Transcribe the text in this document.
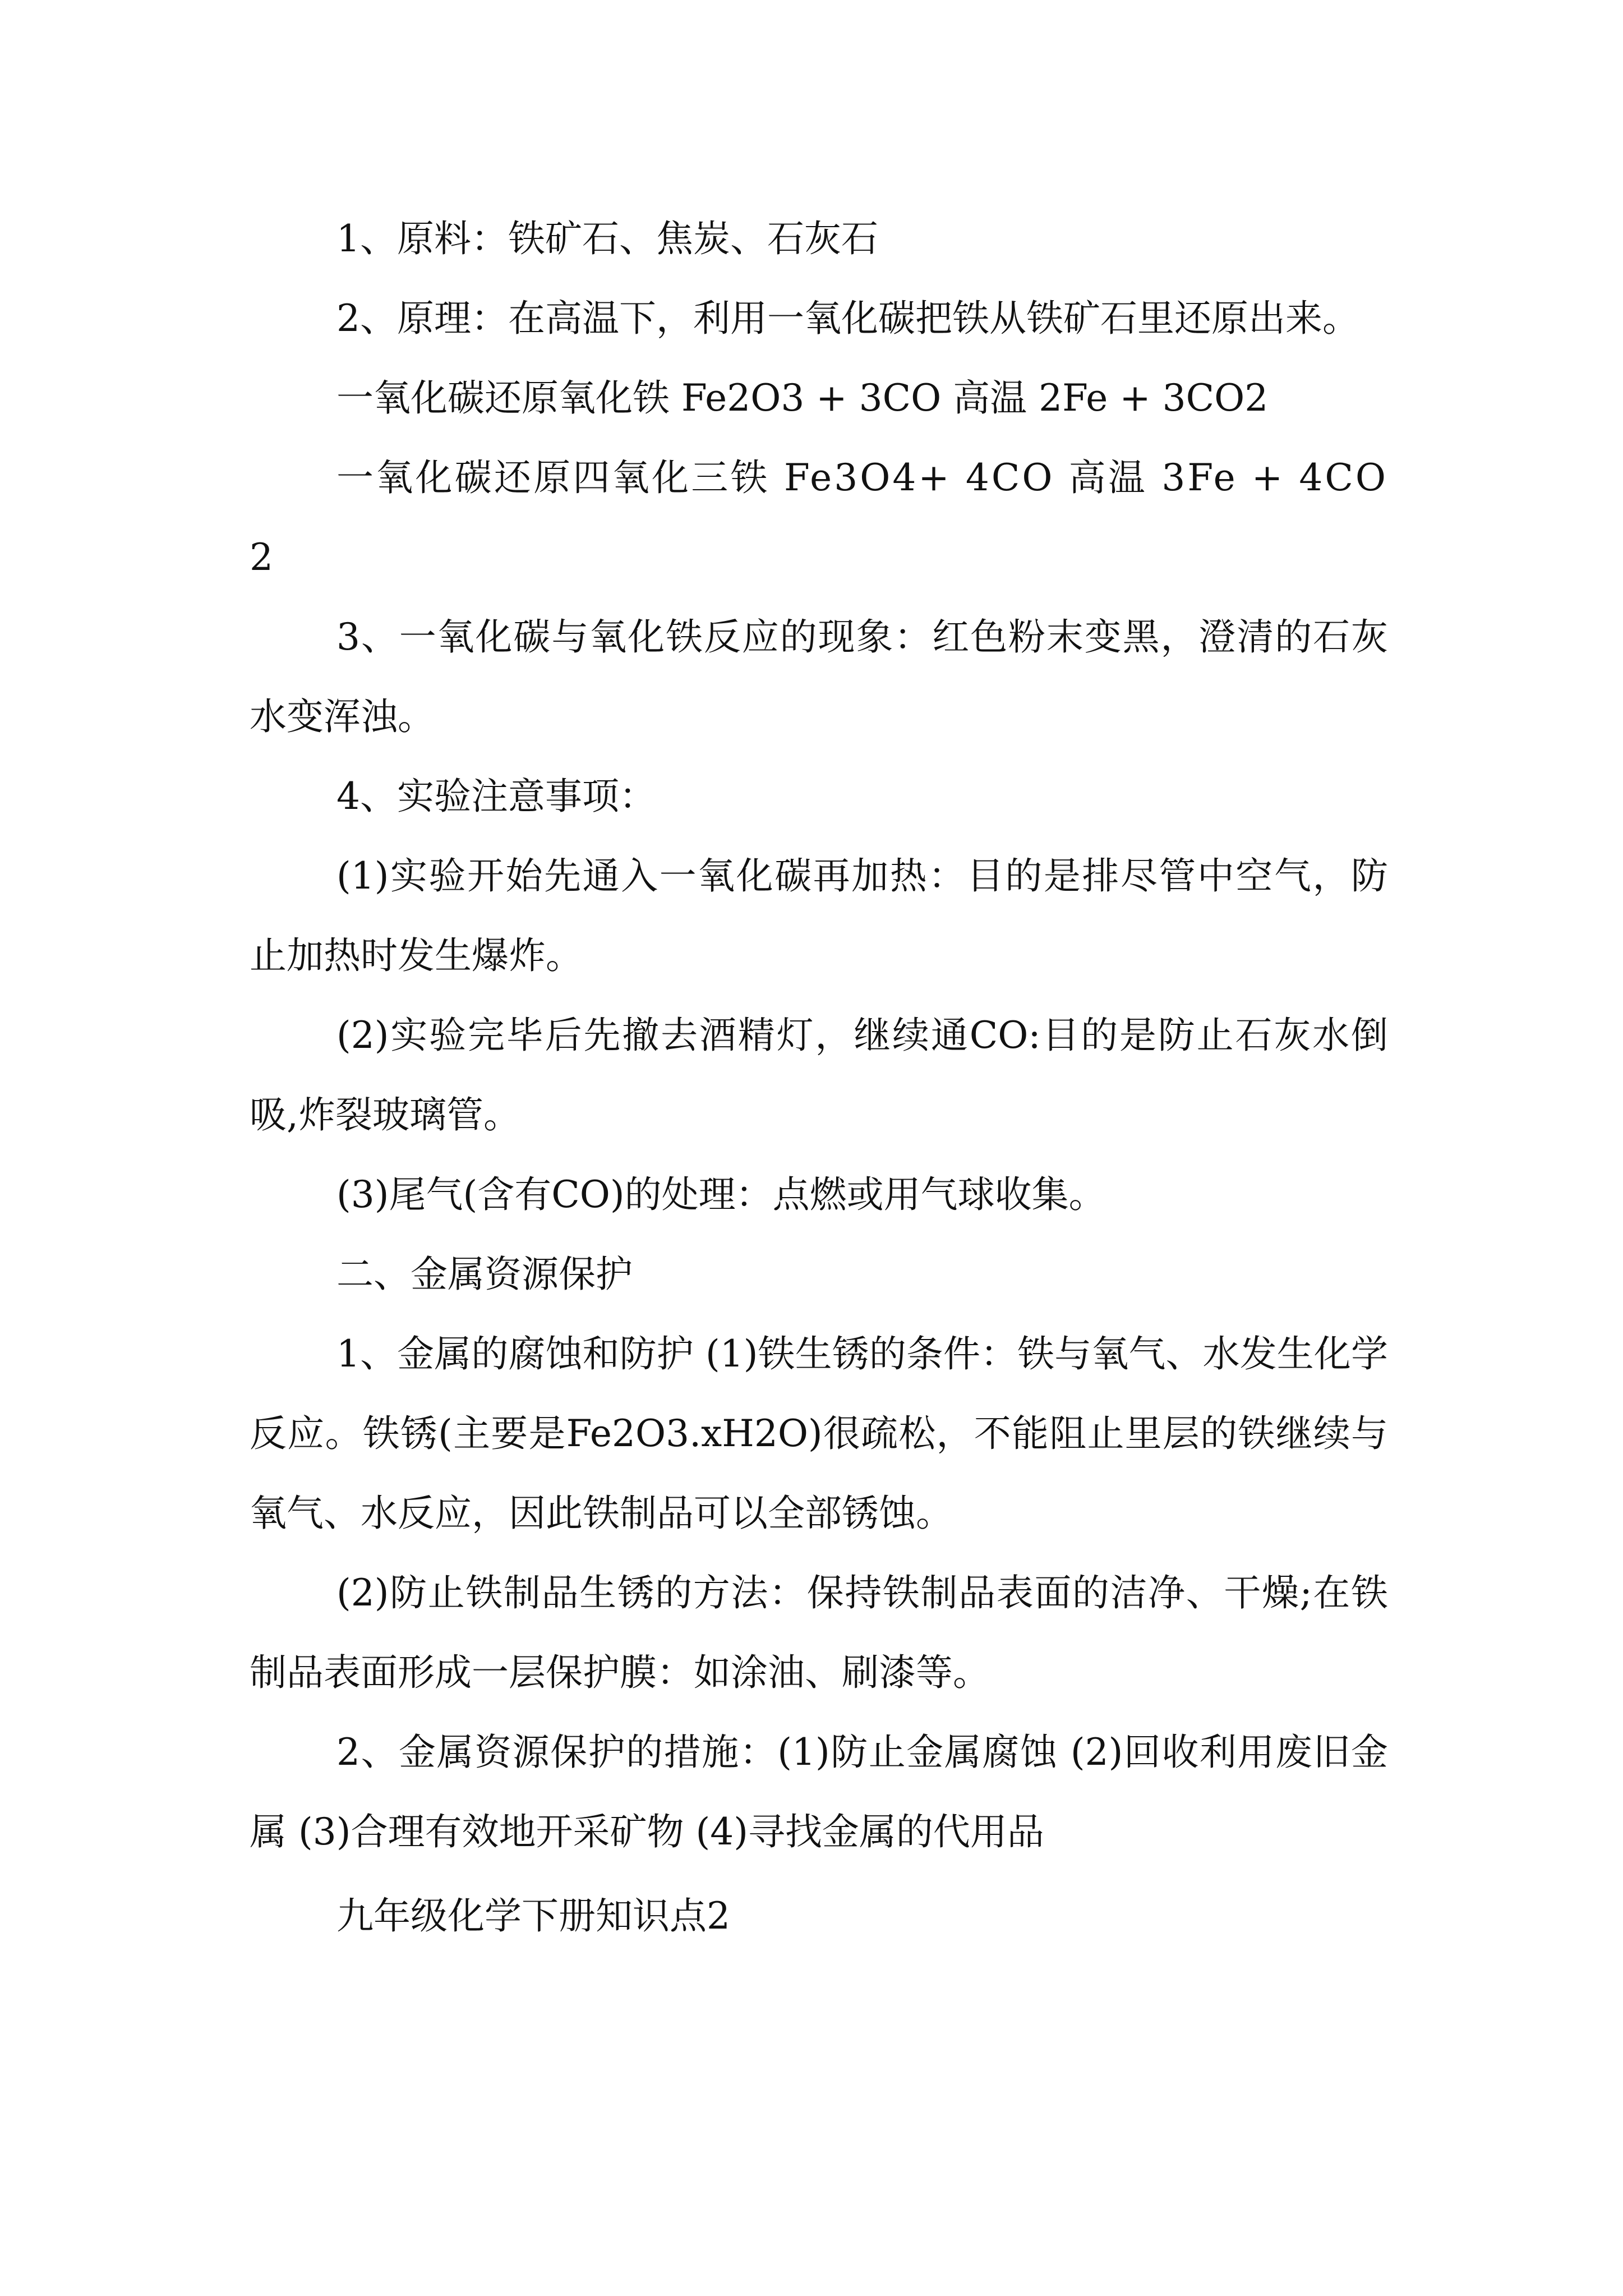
1、原料：铁矿石、焦炭、石灰石

2、原理：在高温下，利用一氧化碳把铁从铁矿石里还原出来。

一氧化碳还原氧化铁 Fe2O3 + 3CO 高温 2Fe + 3CO2

一氧化碳还原四氧化三铁 Fe3O4+ 4CO 高温 3Fe + 4CO2

3、一氧化碳与氧化铁反应的现象：红色粉末变黑，澄清的石灰水变浑浊。

4、实验注意事项：

(1)实验开始先通入一氧化碳再加热：目的是排尽管中空气，防止加热时发生爆炸。

(2)实验完毕后先撤去酒精灯，继续通CO:目的是防止石灰水倒吸,炸裂玻璃管。

(3)尾气(含有CO)的处理：点燃或用气球收集。

二、金属资源保护

1、金属的腐蚀和防护 (1)铁生锈的条件：铁与氧气、水发生化学反应。铁锈(主要是Fe2O3.xH2O)很疏松，不能阻止里层的铁继续与氧气、水反应，因此铁制品可以全部锈蚀。

(2)防止铁制品生锈的方法：保持铁制品表面的洁净、干燥;在铁制品表面形成一层保护膜：如涂油、刷漆等。

2、金属资源保护的措施：(1)防止金属腐蚀 (2)回收利用废旧金属 (3)合理有效地开采矿物 (4)寻找金属的代用品

九年级化学下册知识点2
